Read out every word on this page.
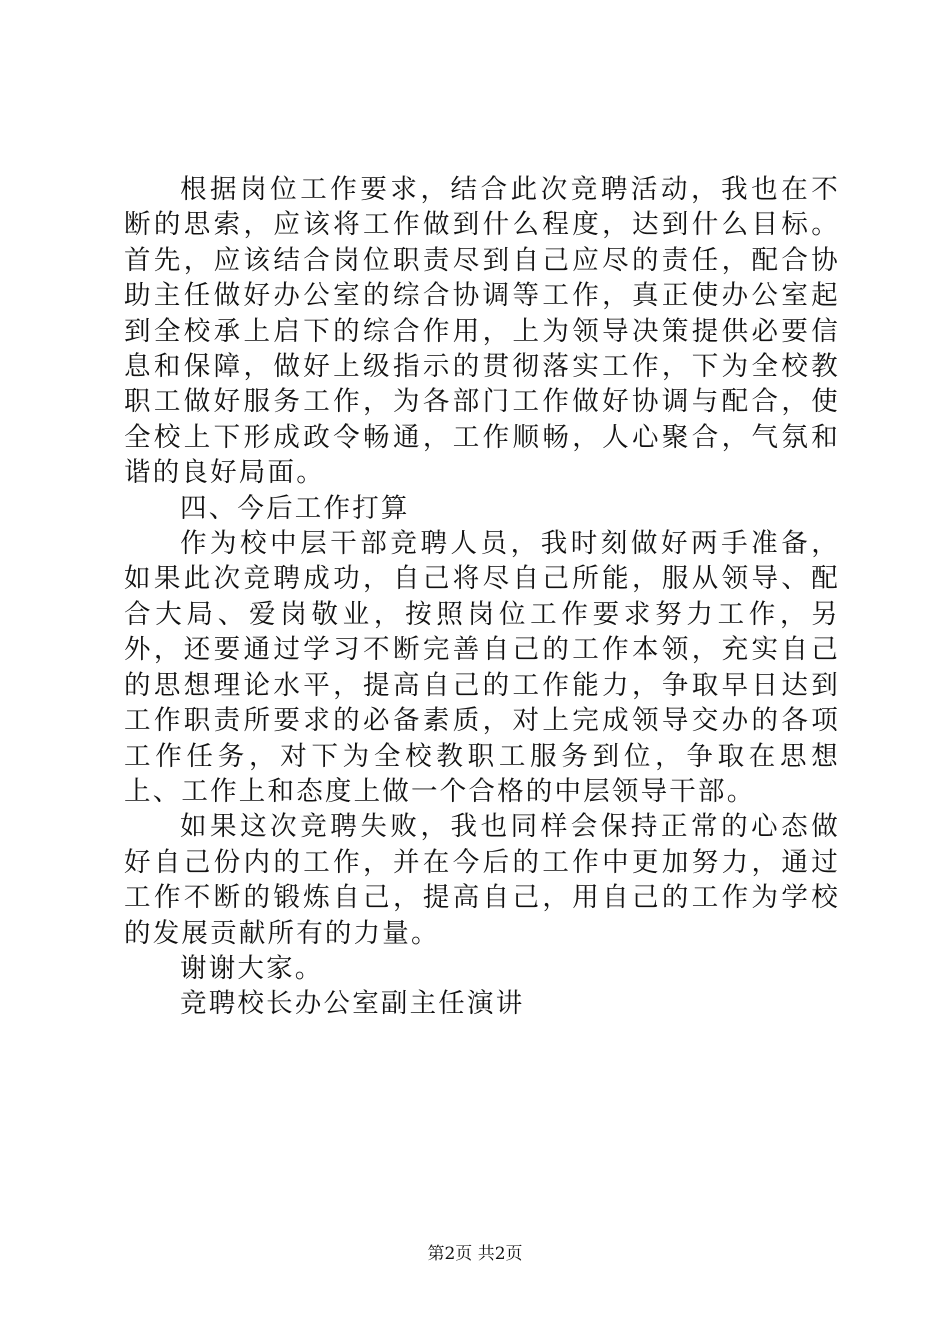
根据岗位工作要求，结合此次竞聘活动，我也在不断的思索，应该将工作做到什么程度，达到什么目标。首先，应该结合岗位职责尽到自己应尽的责任，配合协助主任做好办公室的综合协调等工作，真正使办公室起到全校承上启下的综合作用，上为领导决策提供必要信息和保障，做好上级指示的贯彻落实工作，下为全校教职工做好服务工作，为各部门工作做好协调与配合，使全校上下形成政令畅通，工作顺畅，人心聚合，气氛和谐的良好局面。

四、今后工作打算

作为校中层干部竞聘人员，我时刻做好两手准备，如果此次竞聘成功，自己将尽自己所能，服从领导、配合大局、爱岗敬业，按照岗位工作要求努力工作，另外，还要通过学习不断完善自己的工作本领，充实自己的思想理论水平，提高自己的工作能力，争取早日达到工作职责所要求的必备素质，对上完成领导交办的各项工作任务，对下为全校教职工服务到位，争取在思想上、工作上和态度上做一个合格的中层领导干部。

如果这次竞聘失败，我也同样会保持正常的心态做好自己份内的工作，并在今后的工作中更加努力，通过工作不断的锻炼自己，提高自己，用自己的工作为学校的发展贡献所有的力量。

谢谢大家。

竞聘校长办公室副主任演讲

第2页 共2页
